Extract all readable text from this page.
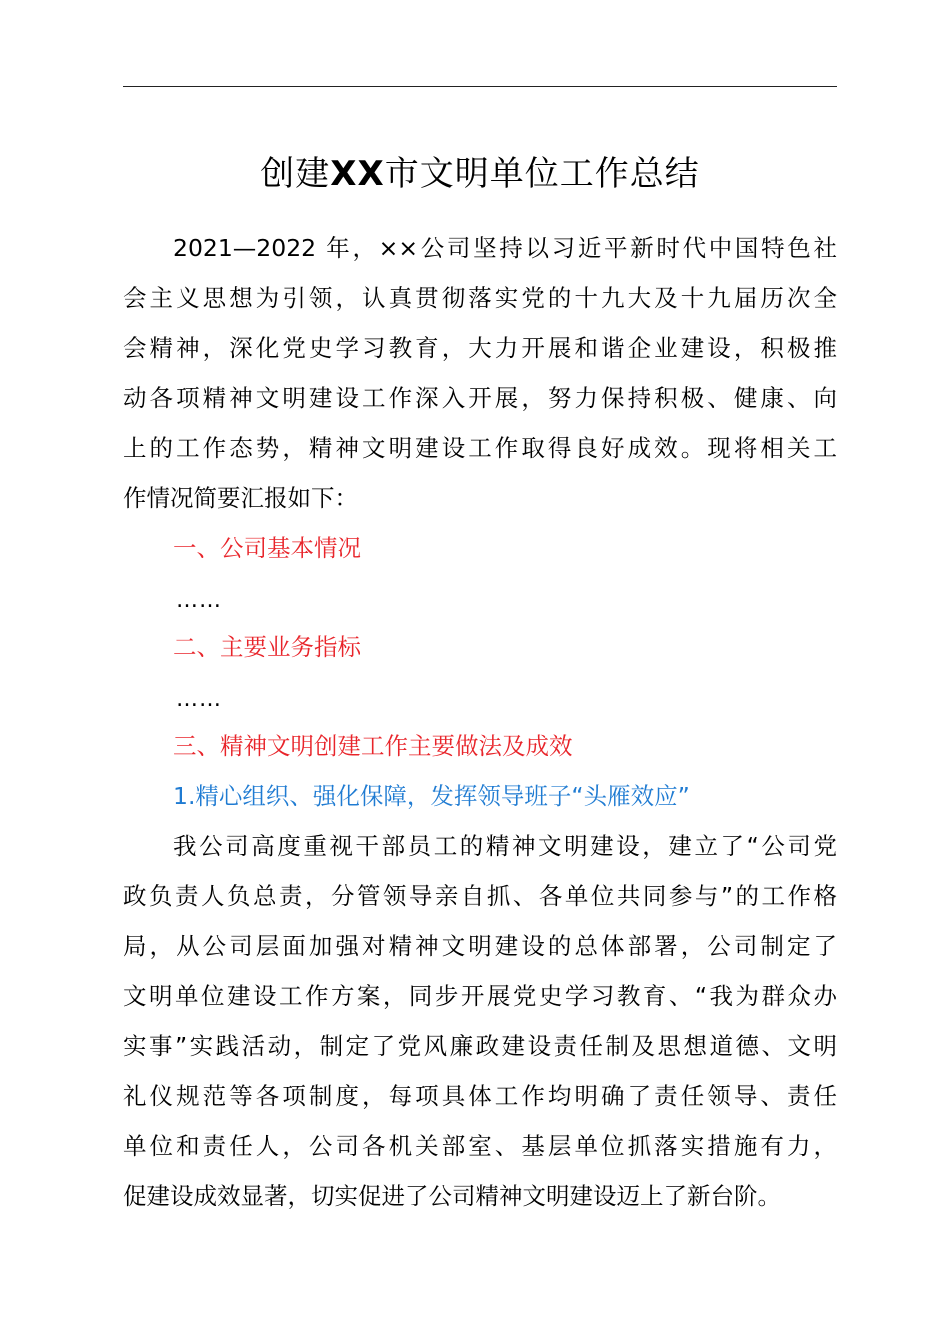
创建XX市文明单位工作总结
2021—2022 年，××公司坚持以习近平新时代中国特色社
会主义思想为引领，认真贯彻落实党的十九大及十九届历次全
会精神，深化党史学习教育，大力开展和谐企业建设，积极推
动各项精神文明建设工作深入开展，努力保持积极、健康、向
上的工作态势，精神文明建设工作取得良好成效。现将相关工
作情况简要汇报如下：
一、公司基本情况
……
二、主要业务指标
……
三、精神文明创建工作主要做法及成效
1.精心组织、强化保障，发挥领导班子“头雁效应”
我公司高度重视干部员工的精神文明建设，建立了“公司党
政负责人负总责，分管领导亲自抓、各单位共同参与”的工作格
局，从公司层面加强对精神文明建设的总体部署，公司制定了
文明单位建设工作方案，同步开展党史学习教育、“我为群众办
实事”实践活动，制定了党风廉政建设责任制及思想道德、文明
礼仪规范等各项制度，每项具体工作均明确了责任领导、责任
单位和责任人，公司各机关部室、基层单位抓落实措施有力，
促建设成效显著，切实促进了公司精神文明建设迈上了新台阶。
